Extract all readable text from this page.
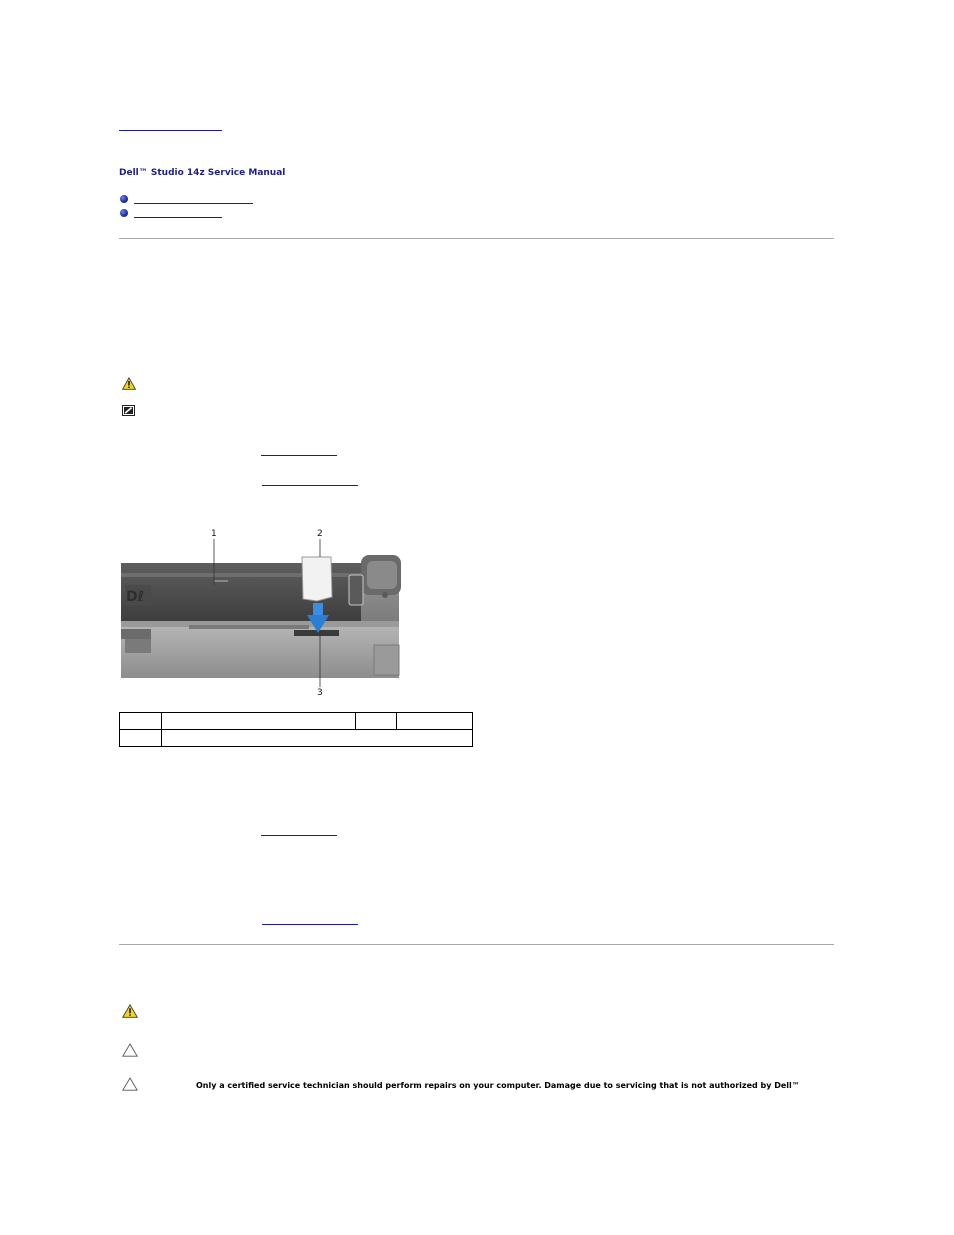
Dell™ Studio 14z Service Manual
Dℓ
1	2
3

Only a certified service technician should perform repairs on your computer. Damage due to servicing that is not authorized by Dell™
